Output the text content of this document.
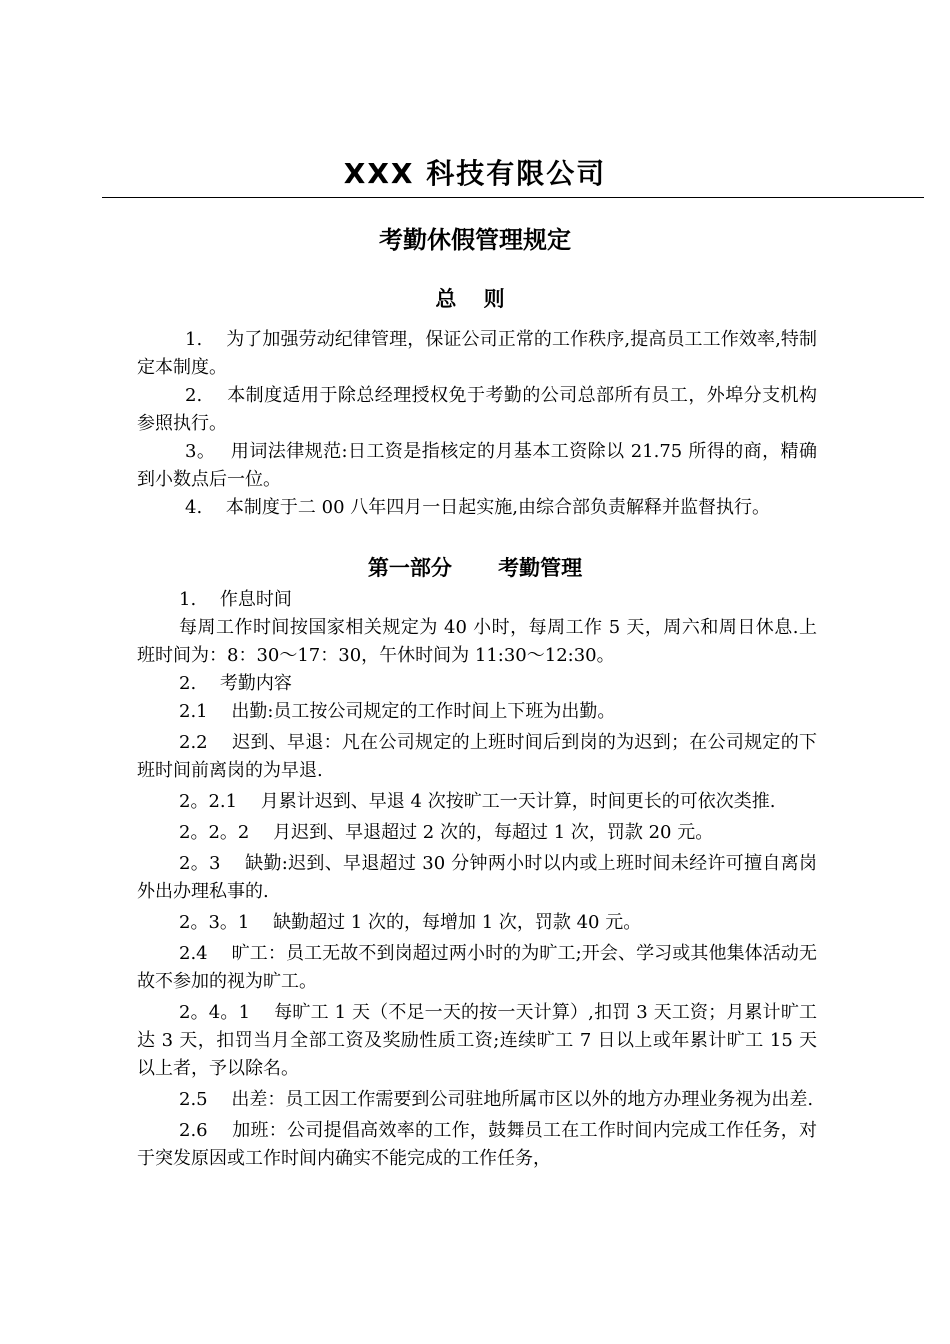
XXX 科技有限公司
考勤休假管理规定
总 则

1.　 为了加强劳动纪律管理，保证公司正常的工作秩序,提高员工工作效率,特制定本制度。

2.　 本制度适用于除总经理授权免于考勤的公司总部所有员工，外埠分支机构参照执行。

3。　 用词法律规范:日工资是指核定的月基本工资除以 21.75 所得的商，精确到小数点后一位。

4.　 本制度于二 00 八年四月一日起实施,由综合部负责解释并监督执行。

1.　 作息时间

每周工作时间按国家相关规定为 40 小时，每周工作 5 天，周六和周日休息.上班时间为：8：30～17：30，午休时间为 11:30～12:30。

2.　 考勤内容

2.1　 出勤:员工按公司规定的工作时间上下班为出勤。

2.2　 迟到、早退：凡在公司规定的上班时间后到岗的为迟到；在公司规定的下班时间前离岗的为早退.

2。2.1　 月累计迟到、早退 4 次按旷工一天计算，时间更长的可依次类推.

2。2。2　 月迟到、早退超过 2 次的，每超过 1 次，罚款 20 元。

2。3　 缺勤:迟到、早退超过 30 分钟两小时以内或上班时间未经许可擅自离岗外出办理私事的.

2。3。1　 缺勤超过 1 次的，每增加 1 次，罚款 40 元。

2.4　 旷工：员工无故不到岗超过两小时的为旷工;开会、学习或其他集体活动无故不参加的视为旷工。

2。4。1　 每旷工 1 天（不足一天的按一天计算）,扣罚 3 天工资；月累计旷工达 3 天，扣罚当月全部工资及奖励性质工资;连续旷工 7 日以上或年累计旷工 15 天以上者，予以除名。

2.5　 出差：员工因工作需要到公司驻地所属市区以外的地方办理业务视为出差.

2.6　 加班：公司提倡高效率的工作，鼓舞员工在工作时间内完成工作任务，对于突发原因或工作时间内确实不能完成的工作任务，

第一部分　 考勤管理
